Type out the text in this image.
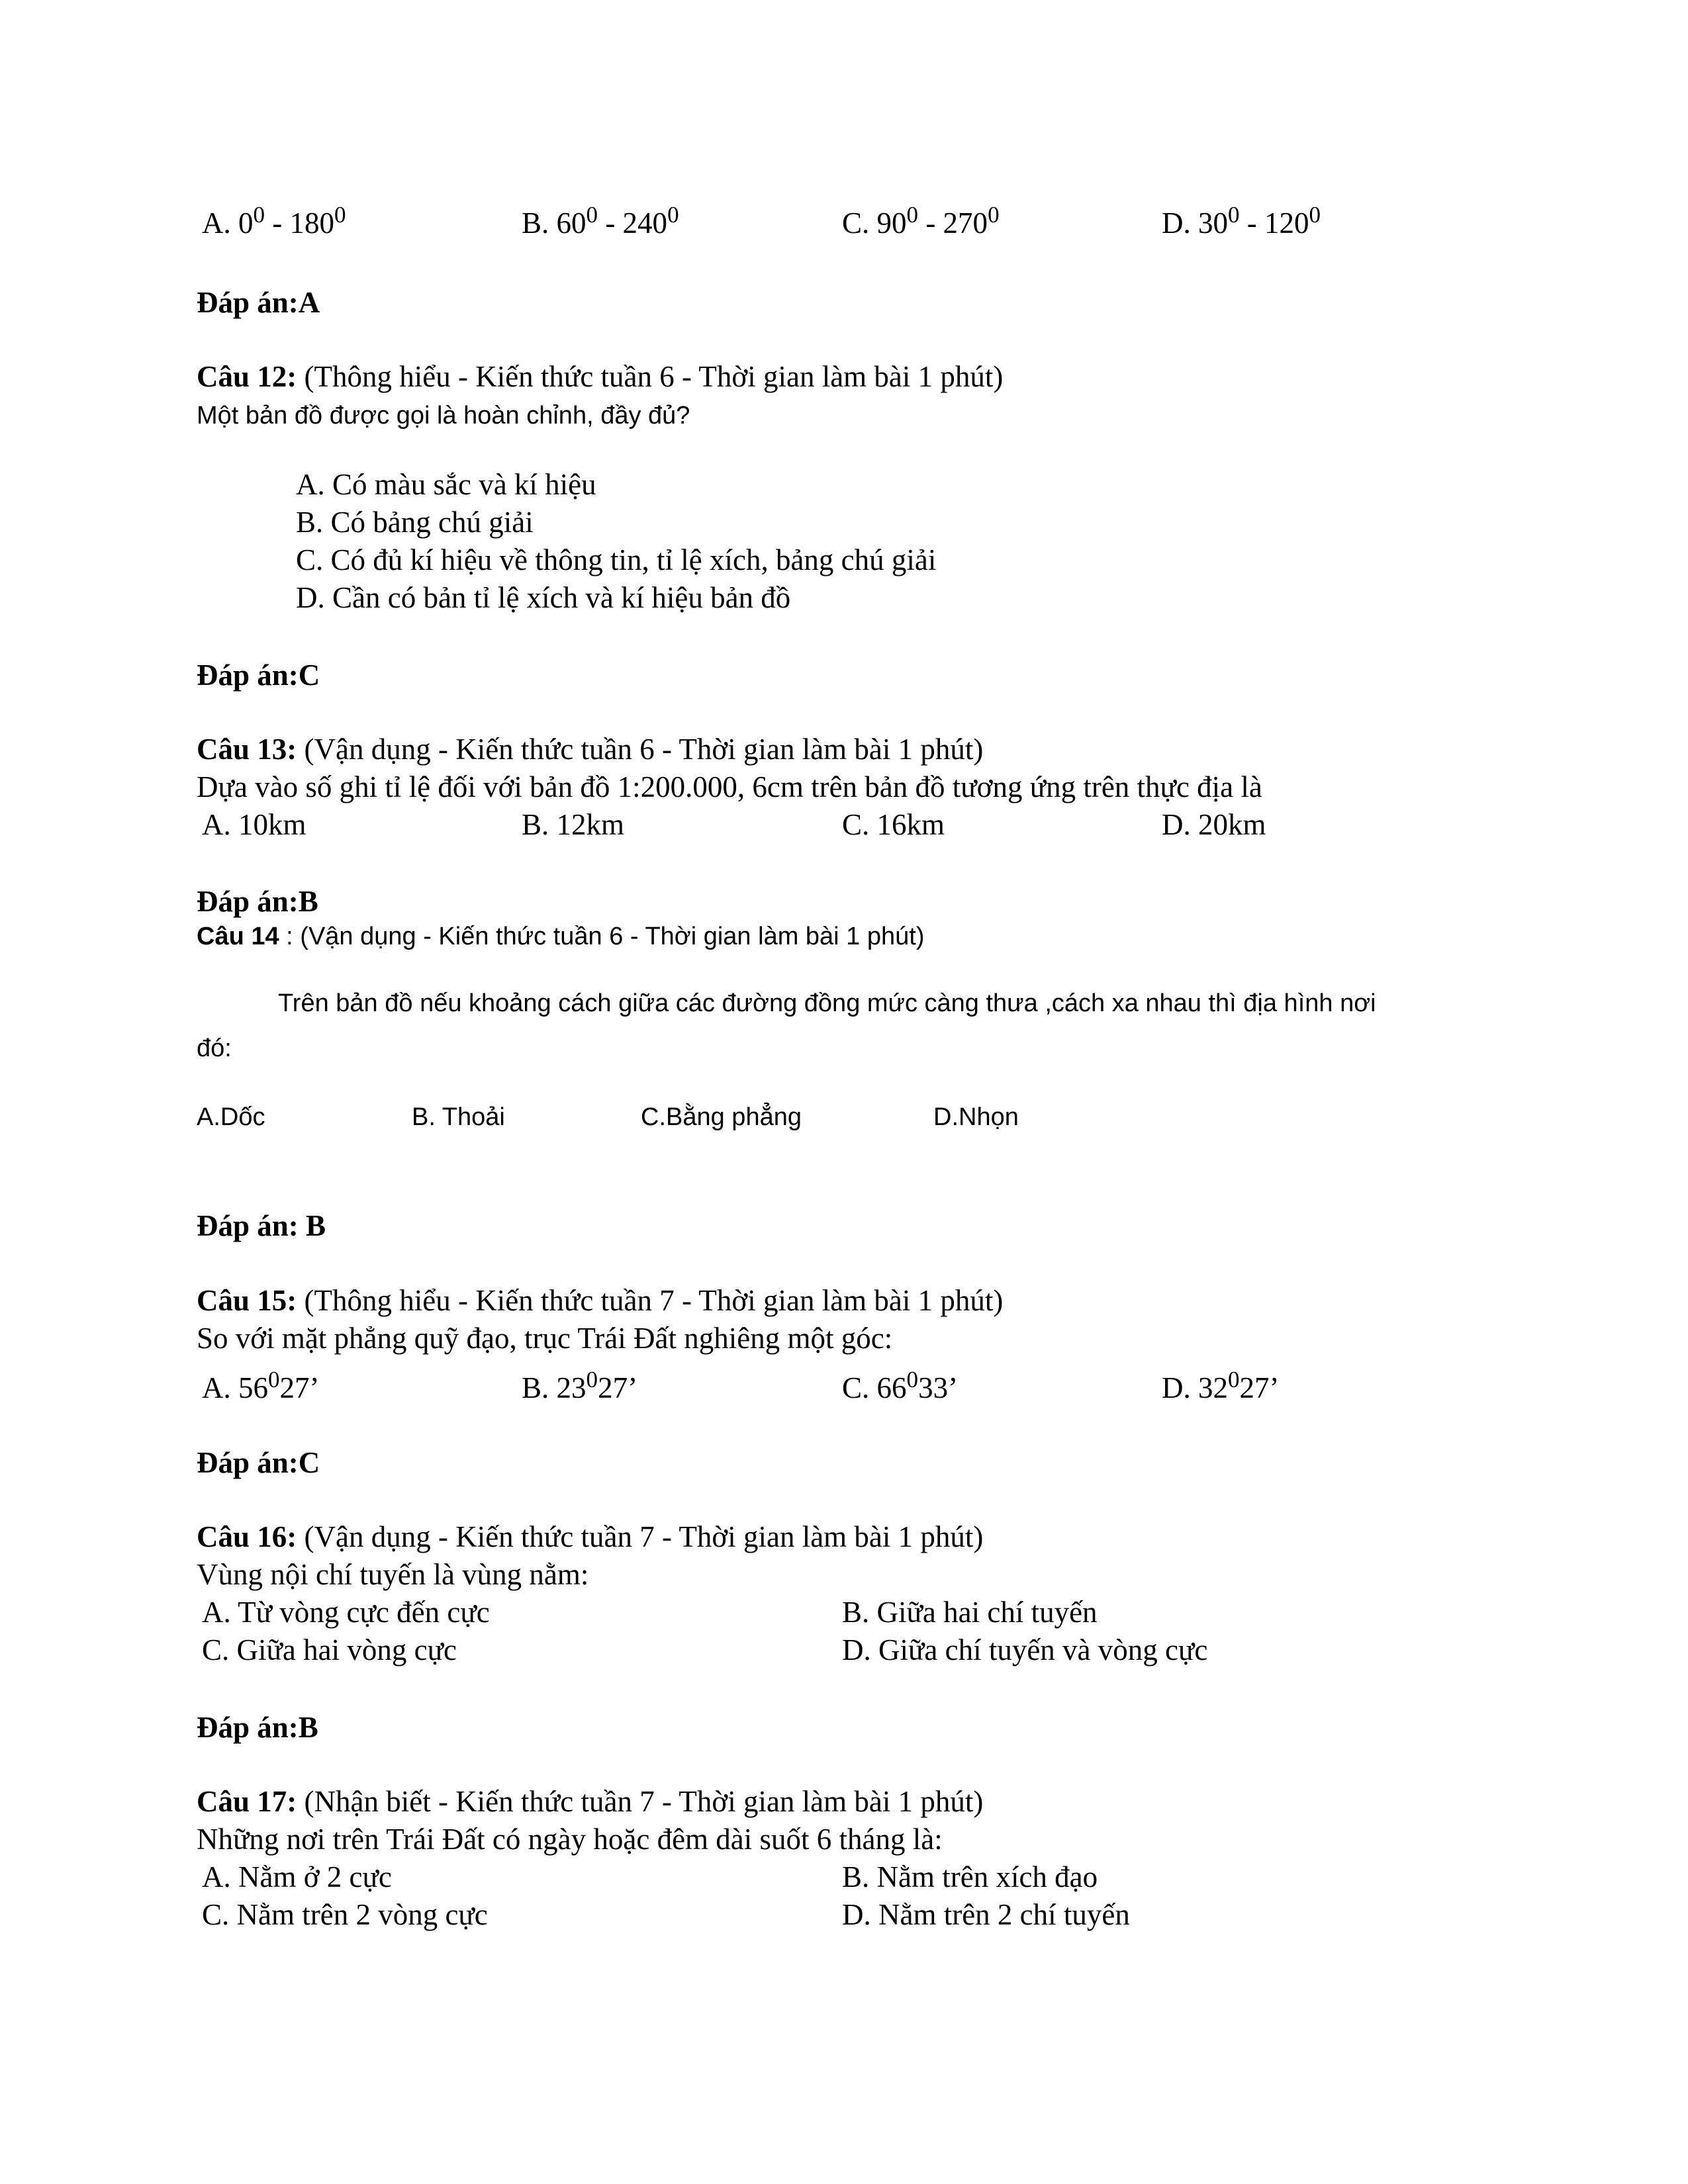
A. $0^0 - 180^0$	B. $60^0 - 240^0$	C. $90^0 - 270^0$	D. $30^0 - 120^0$
Đáp án:A
Câu 12: (Thông hiểu - Kiến thức tuần 6 - Thời gian làm bài 1 phút)
Một bản đồ được gọi là hoàn chỉnh, đầy đủ?
A. Có màu sắc và kí hiệu
B. Có bảng chú giải
C. Có đủ kí hiệu về thông tin, tỉ lệ xích, bảng chú giải
D. Cần có bản tỉ lệ xích và kí hiệu bản đồ
Đáp án:C
Câu 13: (Vận dụng - Kiến thức tuần 6 - Thời gian làm bài 1 phút)
Dựa vào số ghi tỉ lệ đối với bản đồ 1:200.000, 6cm trên bản đồ tương ứng trên thực địa là
A. 10km	B. 12km	C. 16km	D. 20km
Đáp án:B
Câu 14 : (Vận dụng - Kiến thức tuần 6 - Thời gian làm bài 1 phút)
Trên bản đồ nếu khoảng cách giữa các đường đồng mức càng thưa ,cách xa nhau thì địa hình nơi
đó:
A.Dốc	B. Thoải	C.Bằng phẳng	D.Nhọn
Đáp án: B
Câu 15: (Thông hiểu - Kiến thức tuần 7 - Thời gian làm bài 1 phút)
So với mặt phẳng quỹ đạo, trục Trái Đất nghiêng một góc:
A. $56^027$’	B. $23^027$’	C. $66^033$’	D. $32^027$’
Đáp án:C
Câu 16: (Vận dụng - Kiến thức tuần 7 - Thời gian làm bài 1 phút)
Vùng nội chí tuyến là vùng nằm:
A. Từ vòng cực đến cực	B. Giữa hai chí tuyến
C. Giữa hai vòng cực	D. Giữa chí tuyến và vòng cực
Đáp án:B
Câu 17: (Nhận biết - Kiến thức tuần 7 - Thời gian làm bài 1 phút)
Những nơi trên Trái Đất có ngày hoặc đêm dài suốt 6 tháng là:
A. Nằm ở 2 cực	B. Nằm trên xích đạo
C. Nằm trên 2 vòng cực	D. Nằm trên 2 chí tuyến
